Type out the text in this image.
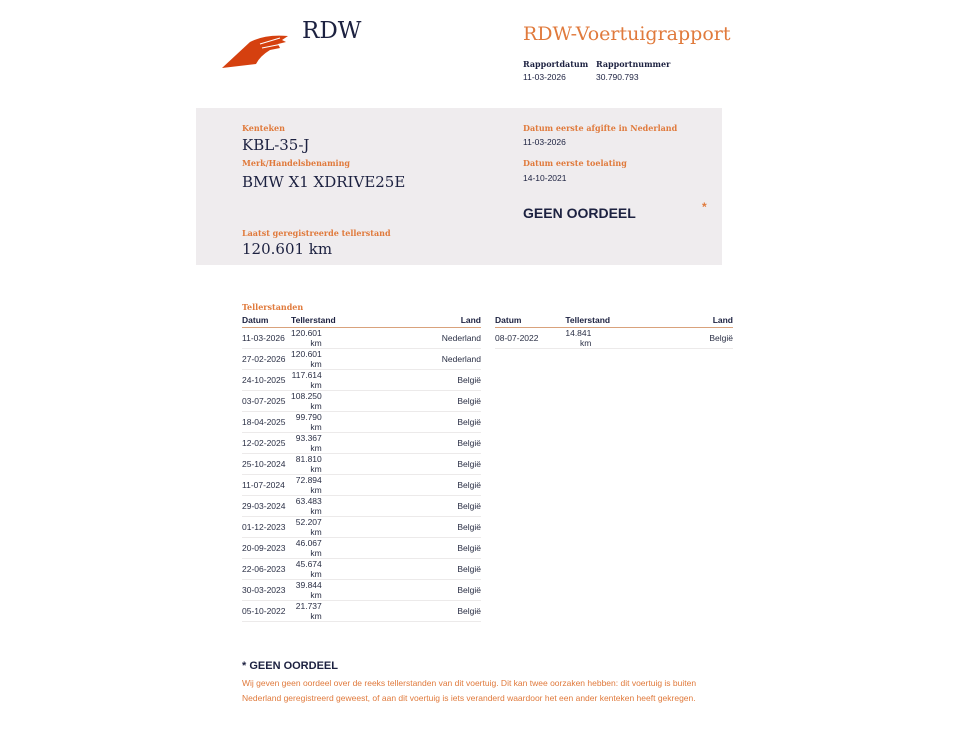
RDW	RDW-Voertuigrapport
Rapportdatum
11-03-2026
Rapportnummer
30.790.793
Kenteken
KBL-35-J
Merk/Handelsbenaming
BMW X1 XDRIVE25E
Laatst geregistreerde tellerstand
120.601 km
Datum eerste afgifte in Nederland
11-03-2026
Datum eerste toelating
14-10-2021
GEEN OORDEEL	*
Tellerstanden
Datum	Tellerstand	Land
11-03-2026	120.601 km	Nederland
27-02-2026	120.601 km	Nederland
24-10-2025	117.614 km	België
03-07-2025	108.250 km	België
18-04-2025	99.790 km	België
12-02-2025	93.367 km	België
25-10-2024	81.810 km	België
11-07-2024	72.894 km	België
29-03-2024	63.483 km	België
01-12-2023	52.207 km	België
20-09-2023	46.067 km	België
22-06-2023	45.674 km	België
30-03-2023	39.844 km	België
05-10-2022	21.737 km	België
Datum	Tellerstand	Land
08-07-2022	14.841 km	België
* GEEN OORDEEL
Wij geven geen oordeel over de reeks tellerstanden van dit voertuig. Dit kan twee oorzaken hebben: dit voertuig is buiten Nederland geregistreerd geweest, of aan dit voertuig is iets veranderd waardoor het een ander kenteken heeft gekregen.
